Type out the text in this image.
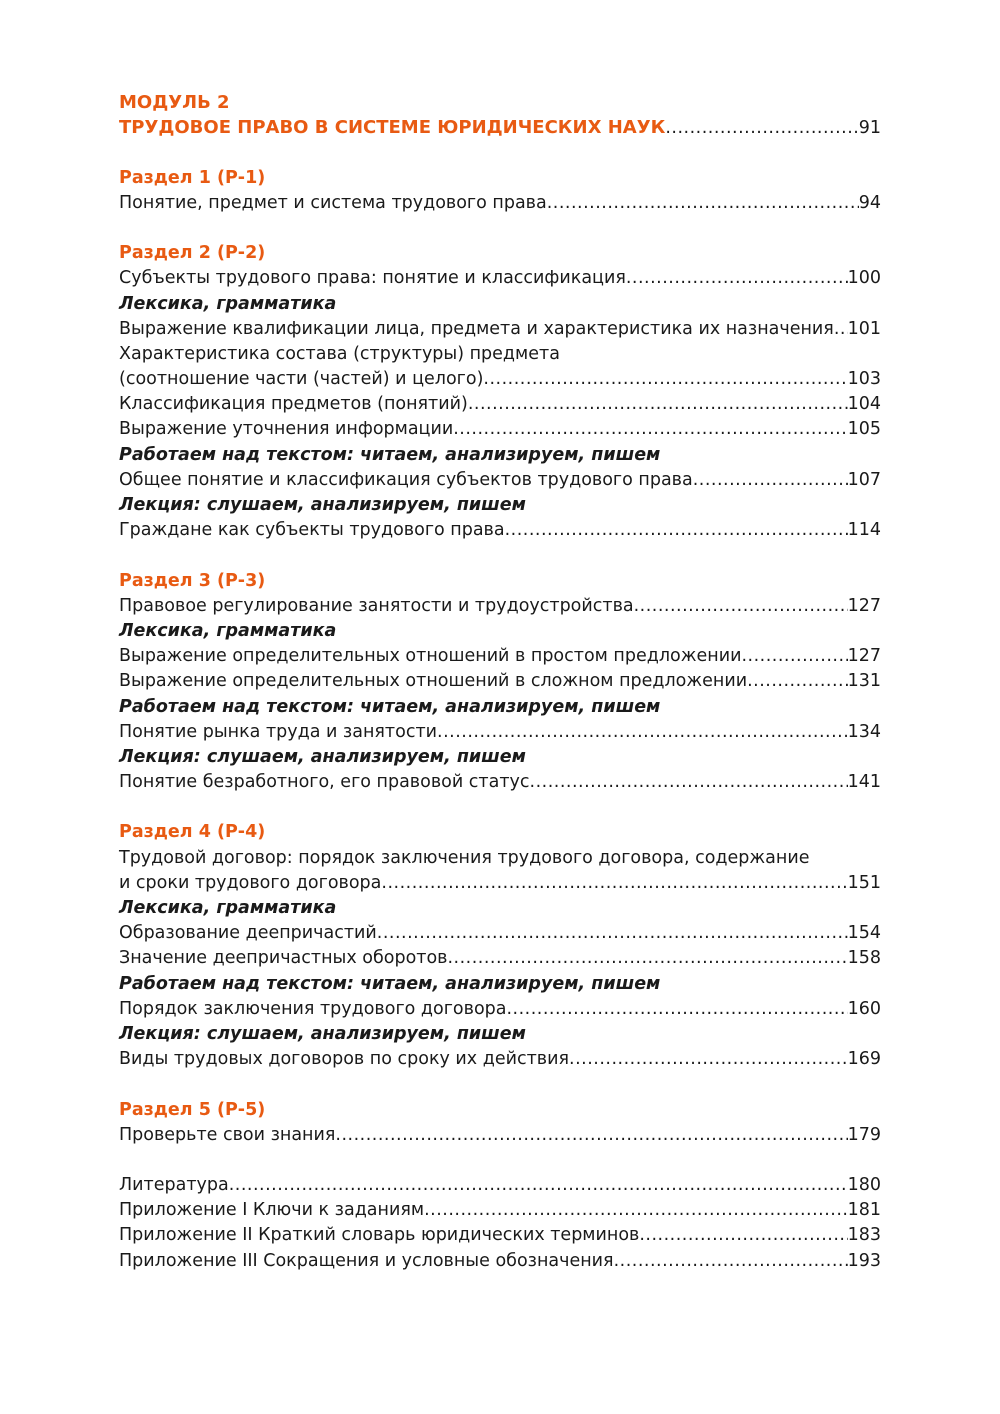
МОДУЛЬ 2
ТРУДОВОЕ ПРАВО В СИСТЕМЕ ЮРИДИЧЕСКИХ НАУК .....	91
Раздел 1 (Р-1)
Понятие, предмет и система трудового права .....	94
Раздел 2 (Р-2)
Субъекты трудового права: понятие и классификация .....	100
Лексика, грамматика
Выражение квалификации лица, предмета и характеристика их назначения ..... 101
Характеристика состава (структуры) предмета
(соотношение части (частей) и целого) .....	103
Классификация предметов (понятий) .....	104
Выражение уточнения информации .....	105
Работаем над текстом: читаем, анализируем, пишем
Общее понятие и классификация субъектов трудового права .....	107
Лекция: слушаем, анализируем, пишем
Граждане как субъекты трудового права .....	114
Раздел 3 (Р-3)
Правовое регулирование занятости и трудоустройства .....	127
Лексика, грамматика
Выражение определительных отношений в простом предложении .....	127
Выражение определительных отношений в сложном предложении .....	131
Работаем над текстом: читаем, анализируем, пишем
Понятие рынка труда и занятости .....	134
Лекция: слушаем, анализируем, пишем
Понятие безработного, его правовой статус .....	141
Раздел 4 (Р-4)
Трудовой договор: порядок заключения трудового договора, содержание
и сроки трудового договора .....	151
Лексика, грамматика
Образование деепричастий .....	154
Значение деепричастных оборотов .....	158
Работаем над текстом: читаем, анализируем, пишем
Порядок заключения трудового договора .....	160
Лекция: слушаем, анализируем, пишем
Виды трудовых договоров по сроку их действия .....	169
Раздел 5 (Р-5)
Проверьте свои знания .....	179
Литература .....	180
Приложение I Ключи к заданиям .....	181
Приложение II Краткий словарь юридических терминов .....	183
Приложение III Сокращения и условные обозначения .....	193
